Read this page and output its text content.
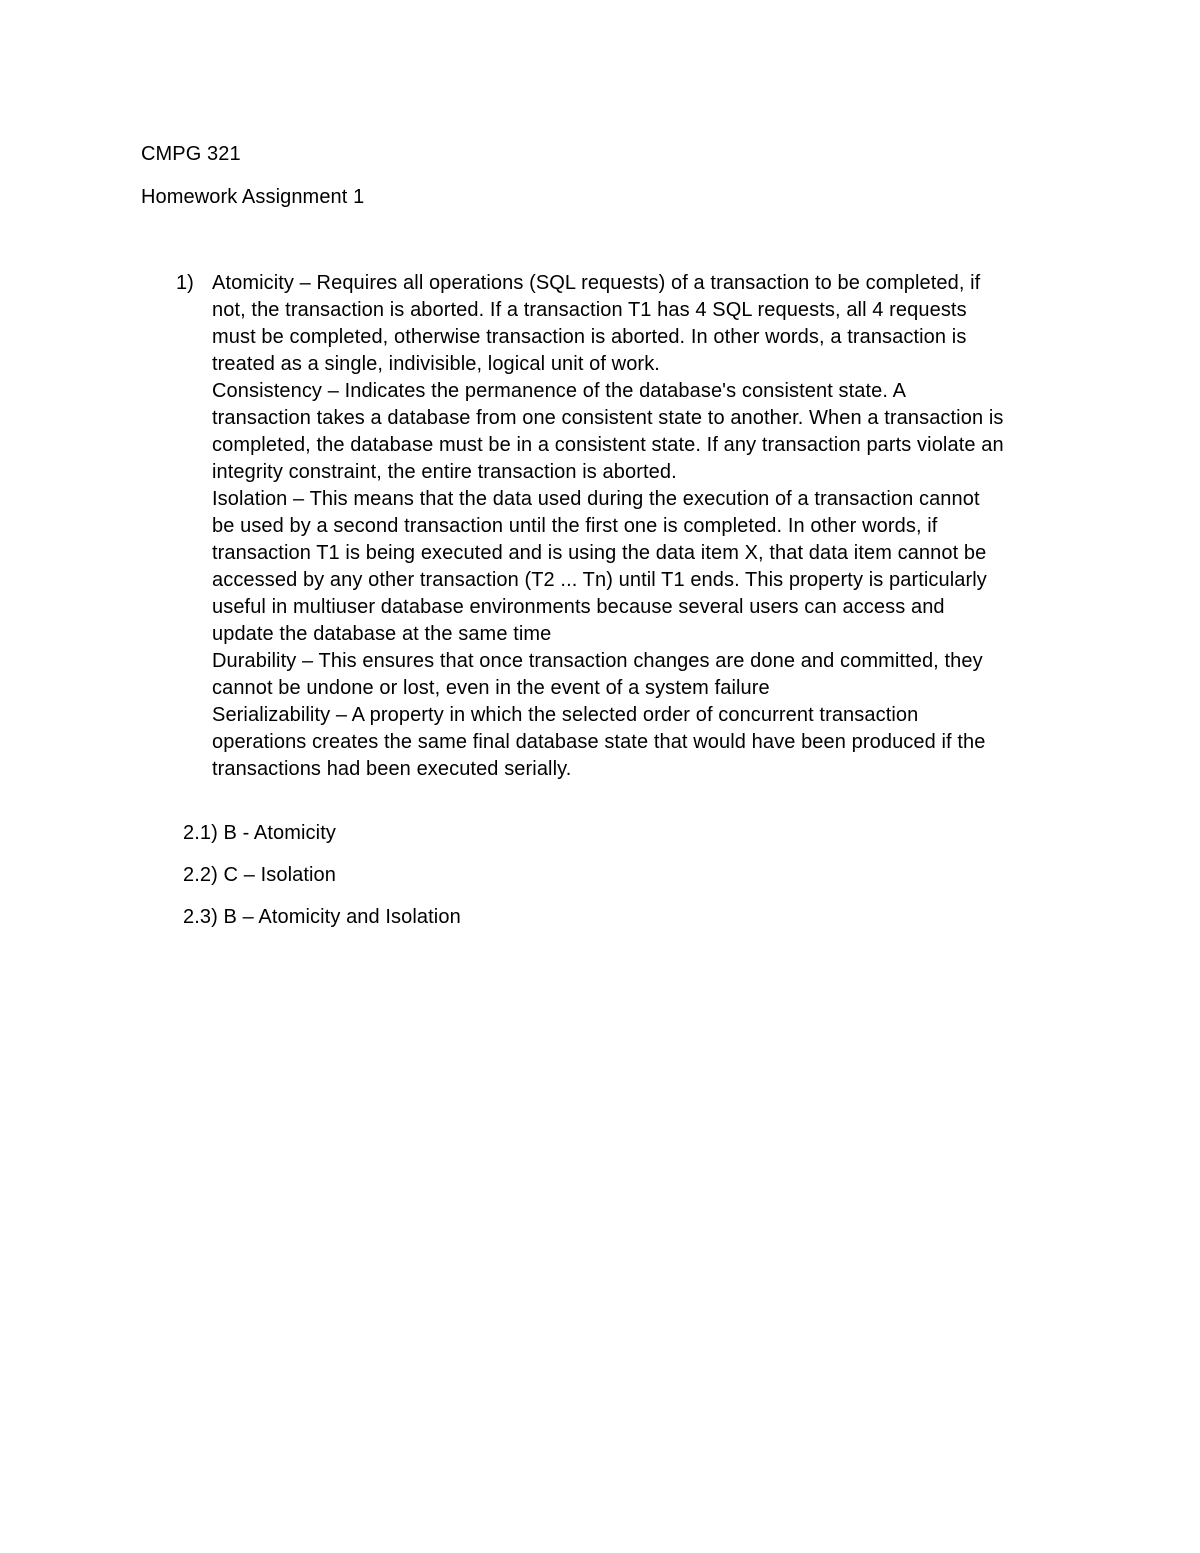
CMPG 321
Homework Assignment 1
1) Atomicity – Requires all operations (SQL requests) of a transaction to be completed, if
not, the transaction is aborted. If a transaction T1 has 4 SQL requests, all 4 requests
must be completed, otherwise transaction is aborted. In other words, a transaction is
treated as a single, indivisible, logical unit of work.
Consistency – Indicates the permanence of the database's consistent state. A
transaction takes a database from one consistent state to another. When a transaction is
completed, the database must be in a consistent state. If any transaction parts violate an
integrity constraint, the entire transaction is aborted.
Isolation – This means that the data used during the execution of a transaction cannot
be used by a second transaction until the first one is completed. In other words, if
transaction T1 is being executed and is using the data item X, that data item cannot be
accessed by any other transaction (T2 ... Tn) until T1 ends. This property is particularly
useful in multiuser database environments because several users can access and
update the database at the same time
Durability – This ensures that once transaction changes are done and committed, they
cannot be undone or lost, even in the event of a system failure
Serializability – A property in which the selected order of concurrent transaction
operations creates the same final database state that would have been produced if the
transactions had been executed serially.
2.1) B - Atomicity
2.2) C – Isolation
2.3) B – Atomicity and Isolation
